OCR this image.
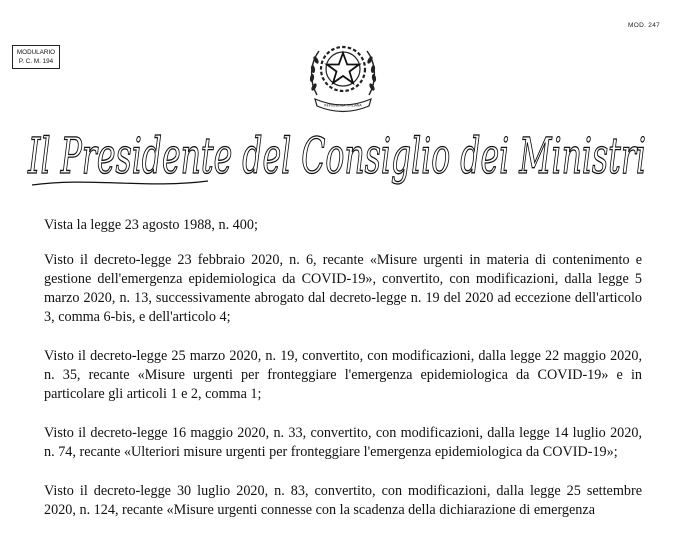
MOD. 247
MODULARIO
P. C. M. 194
REPUBBLICA ITALIANA
Il Presidente del Consiglio dei Ministri

Vista la legge 23 agosto 1988, n. 400;

Visto il decreto-legge 23 febbraio 2020, n. 6, recante «Misure urgenti in materia di contenimento e gestione dell'emergenza epidemiologica da COVID-19», convertito, con modificazioni, dalla legge 5 marzo 2020, n. 13, successivamente abrogato dal decreto-legge n. 19 del 2020 ad eccezione dell'articolo 3, comma 6-bis, e dell'articolo 4;

Visto il decreto-legge 25 marzo 2020, n. 19, convertito, con modificazioni, dalla legge 22 maggio 2020, n. 35, recante «Misure urgenti per fronteggiare l'emergenza epidemiologica da COVID-19» e in particolare gli articoli 1 e 2, comma 1;

Visto il decreto-legge 16 maggio 2020, n. 33, convertito, con modificazioni, dalla legge 14 luglio 2020, n. 74, recante «Ulteriori misure urgenti per fronteggiare l'emergenza epidemiologica da COVID-19»;

Visto il decreto-legge 30 luglio 2020, n. 83, convertito, con modificazioni, dalla legge 25 settembre 2020, n. 124, recante «Misure urgenti connesse con la scadenza della dichiarazione di emergenza
